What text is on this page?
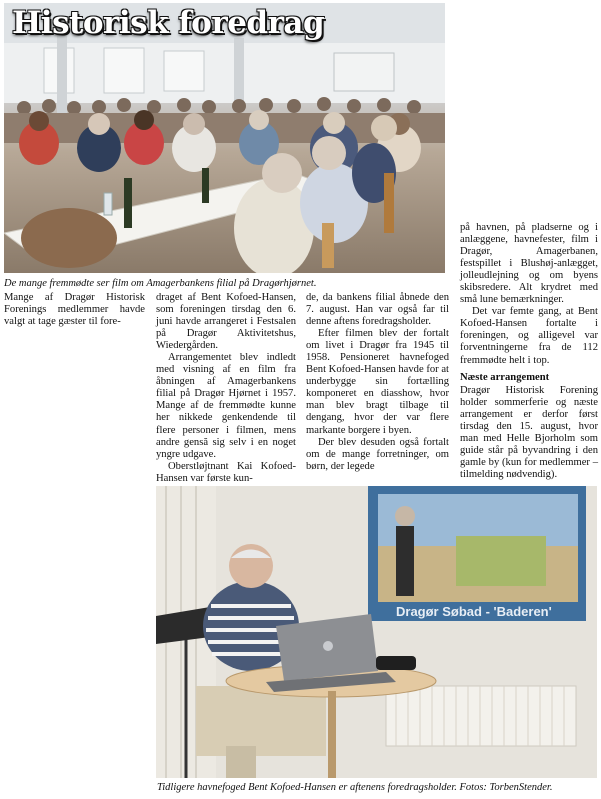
Historisk foredrag

De mange fremmødte ser film om Amagerbankens filial på Dragørhjørnet.

Mange af Dragør Historisk Forenings medlemmer havde valgt at tage gæster til fore-

draget af Bent Kofoed-Hansen, som foreningen tirsdag den 6. juni havde arrangeret i Festsalen på Dragør Aktivitetshus, Wiedergården.

Arrangementet blev indledt med visning af en film fra åbningen af Amagerbankens filial på Dragør Hjørnet i 1957. Mange af de fremmødte kunne her nikkede genkendende til flere personer i filmen, mens andre gensă sig selv i en noget yngre udgave.

Oberstløjtnant Kai Kofoed-Hansen var første kun-

de, da bankens filial åbnede den 7. august. Han var også far til denne aftens foredragsholder.

Efter filmen blev der fortalt om livet i Dragør fra 1945 til 1958. Pensioneret havnefoged Bent Kofoed-Hansen havde for at underbygge sin fortælling komponeret en diasshow, hvor man blev bragt tilbage til dengang, hvor der var flere markante borgere i byen.

Der blev desuden også fortalt om de mange forretninger, om børn, der legede

på havnen, på pladserne og i anlæggene, havnefester, film i Dragør, Amagerbanen, festspillet i Blushøj-anlægget, jolleudlejning og om byens skibsredere. Alt krydret med små lune bemærkninger.

Det var femte gang, at Bent Kofoed-Hansen fortalte i foreningen, og alligevel var forventningerne fra de 112 fremmødte helt i top.

Næste arrangement

Dragør Historisk Forening holder sommerferie og næste arrangement er derfor først tirsdag den 15. august, hvor man med Helle Bjorholm som guide står på byvandring i den gamle by (kun for medlemmer – tilmelding nødvendig).

Dragør Søbad - 'Baderen'

Tidligere havnefoged Bent Kofoed-Hansen er aftenens foredragsholder. Fotos: TorbenStender.
